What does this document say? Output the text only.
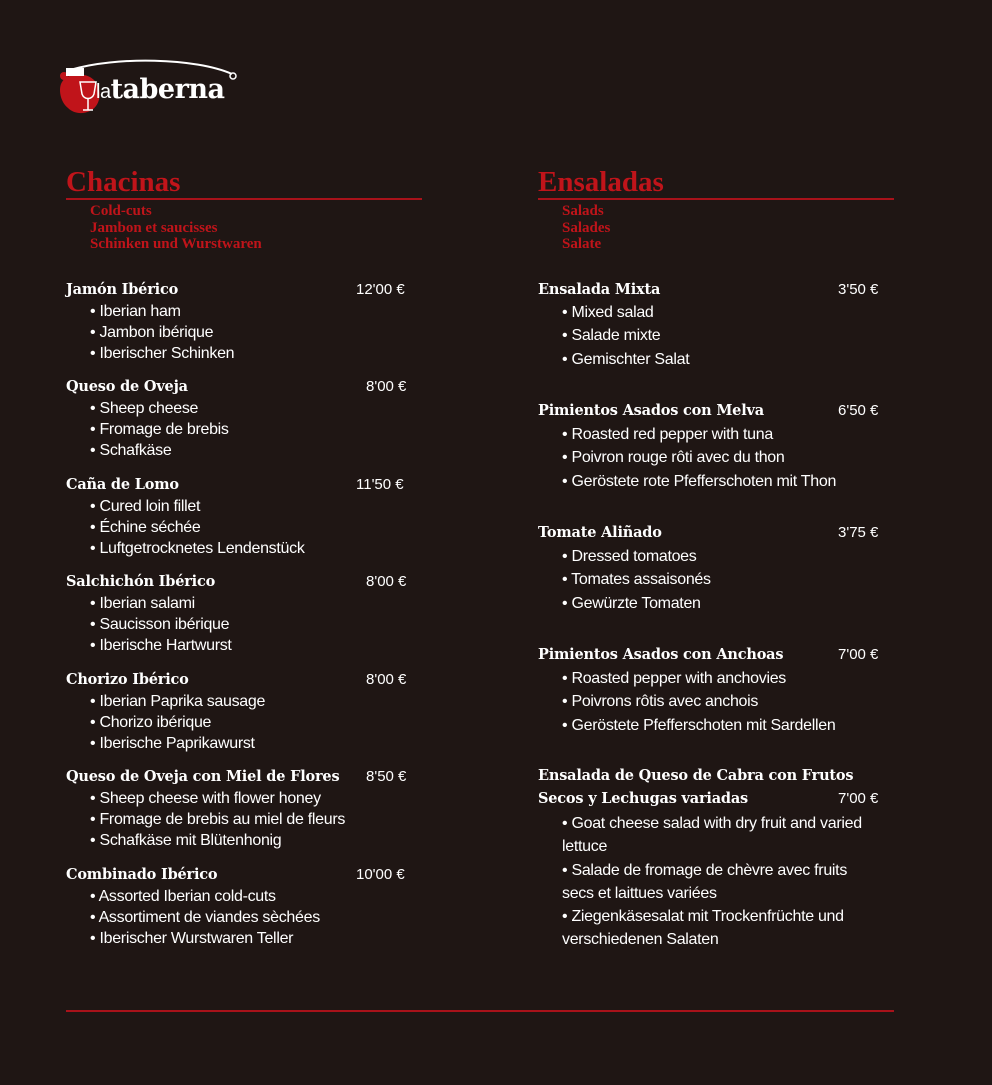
lataberna
Chacinas
Cold-cuts
Jambon et saucisses
Schinken und Wurstwaren
Ensaladas
Salads
Salades
Salate
Jamón Ibérico	12'00 €
• Iberian ham
• Jambon ibérique
• Iberischer Schinken
Queso de Oveja	8'00 €
• Sheep cheese
• Fromage de brebis
• Schafkäse
Caña de Lomo	11'50 €
• Cured loin fillet
• Échine séchée
• Luftgetrocknetes Lendenstück
Salchichón Ibérico	8'00 €
• Iberian salami
• Saucisson ibérique
• Iberische Hartwurst
Chorizo Ibérico	8'00 €
• Iberian Paprika sausage
• Chorizo ibérique
• Iberische Paprikawurst
Queso de Oveja con Miel de Flores 8'50 €
• Sheep cheese with flower honey
• Fromage de brebis au miel de fleurs
• Schafkäse mit Blütenhonig
Combinado Ibérico	10'00 €
• Assorted Iberian cold-cuts
• Assortiment de viandes sèchées
• Iberischer Wurstwaren Teller
Ensalada Mixta	3'50 €
• Mixed salad
• Salade mixte
• Gemischter Salat
Pimientos Asados con Melva	6'50 €
• Roasted red pepper with tuna
• Poivron rouge rôti avec du thon
• Geröstete rote Pfefferschoten mit Thon
Tomate Aliñado	3'75 €
• Dressed tomatoes
• Tomates assaisonés
• Gewürzte Tomaten
Pimientos Asados con Anchoas	7'00 €
• Roasted pepper with anchovies
• Poivrons rôtis avec anchois
• Geröstete Pfefferschoten mit Sardellen
Ensalada de Queso de Cabra con Frutos
Secos y Lechugas variadas	7'00 €
• Goat cheese salad with dry fruit and varied
lettuce
• Salade de fromage de chèvre avec fruits
secs et laittues variées
• Ziegenkäsesalat mit Trockenfrüchte und
verschiedenen Salaten
